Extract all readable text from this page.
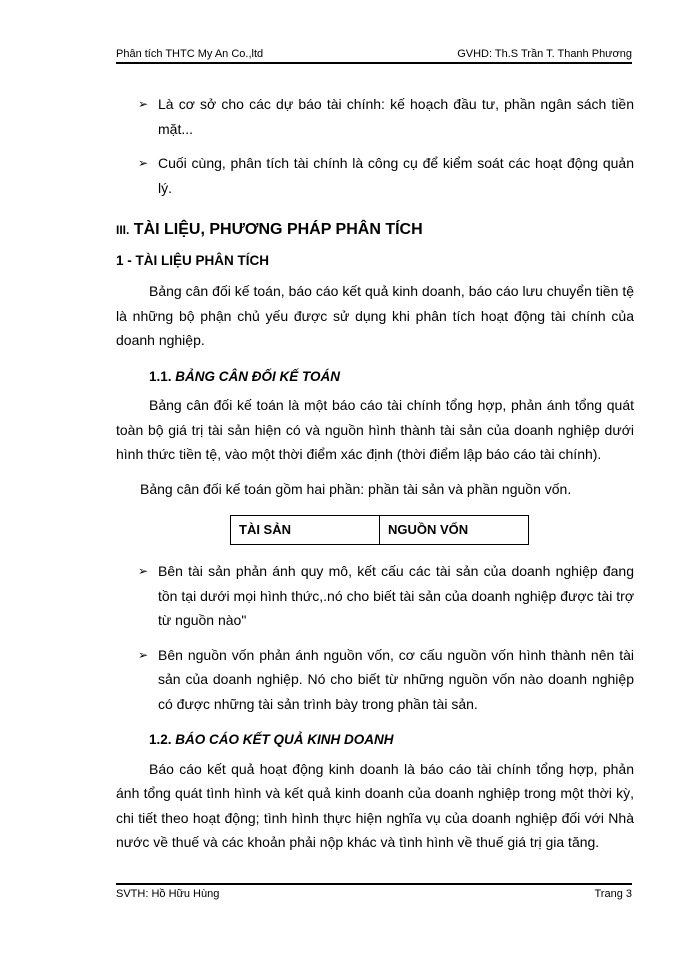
Phân tích THTC My An Co.,ltd	GVHD: Th.S Trần T. Thanh Phương
➢ Là cơ sở cho các dự báo tài chính: kế hoạch đầu tư, phần ngân sách tiền mặt...
➢ Cuối cùng, phân tích tài chính là công cụ để kiểm soát các hoạt động quản lý.
III. TÀI LIỆU, PHƯƠNG PHÁP PHÂN TÍCH
1 - TÀI LIỆU PHÂN TÍCH

Bảng cân đối kế toán, báo cáo kết quả kinh doanh, báo cáo lưu chuyển tiền tệ là những bộ phận chủ yếu được sử dụng khi phân tích hoạt động tài chính của doanh nghiệp.

1.1. BẢNG CÂN ĐỐI KẾ TOÁN

Bảng cân đối kế toán là một báo cáo tài chính tổng hợp, phản ánh tổng quát toàn bộ giá trị tài sản hiện có và nguồn hình thành tài sản của doanh nghiệp dưới hình thức tiền tệ, vào một thời điểm xác định (thời điểm lập báo cáo tài chính).

Bảng cân đối kế toán gồm hai phần: phần tài sản và phần nguồn vốn.

TÀI SẢN	NGUỒN VỐN
➢ Bên tài sản phản ánh quy mô, kết cấu các tài sản của doanh nghiệp đang tồn tại dưới mọi hình thức,.nó cho biết tài sản của doanh nghiệp được tài trợ từ nguồn nào"
➢ Bên nguồn vốn phản ánh nguồn vốn, cơ cấu nguồn vốn hình thành nên tài sản của doanh nghiệp. Nó cho biết từ những nguồn vốn nào doanh nghiệp có được những tài sản trình bày trong phần tài sản.
1.2. BÁO CÁO KẾT QUẢ KINH DOANH

Báo cáo kết quả hoạt động kinh doanh là báo cáo tài chính tổng hợp, phản ánh tổng quát tình hình và kết quả kinh doanh của doanh nghiệp trong một thời kỳ, chi tiết theo hoạt động; tình hình thực hiện nghĩa vụ của doanh nghiệp đối với Nhà nước về thuế và các khoản phải nộp khác và tình hình về thuế giá trị gia tăng.

SVTH: Hồ Hữu Hùng	Trang 3
